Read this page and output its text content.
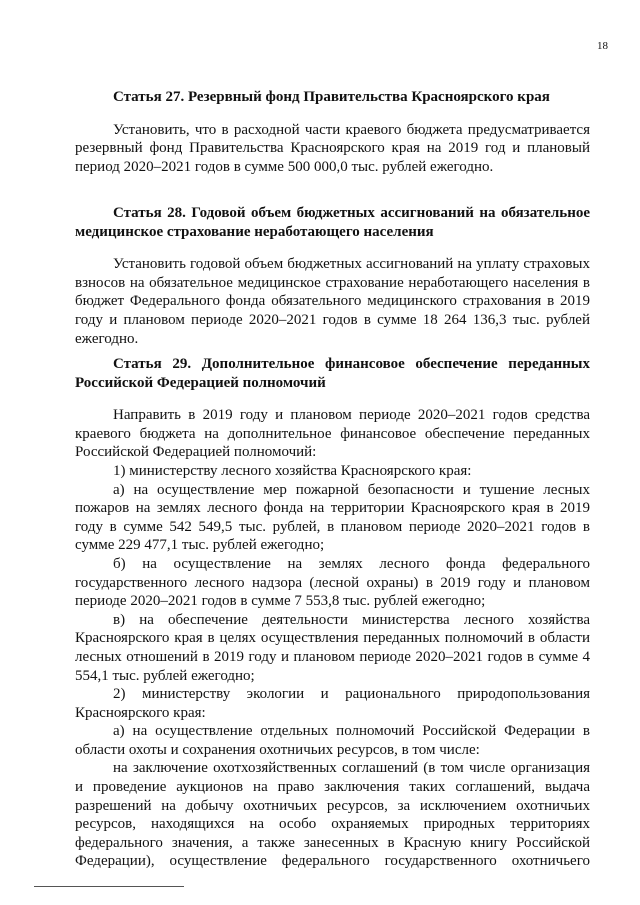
18

Статья 27. Резервный фонд Правительства Красноярского края

Установить, что в расходной части краевого бюджета предусматривается резервный фонд Правительства Красноярского края на 2019 год и плановый период 2020–2021 годов в сумме 500 000,0 тыс. рублей ежегодно.

Статья 28. Годовой объем бюджетных ассигнований на обязательное медицинское страхование неработающего населения

Установить годовой объем бюджетных ассигнований на уплату страховых взносов на обязательное медицинское страхование неработающего населения в бюджет Федерального фонда обязательного медицинского страхования в 2019 году и плановом периоде 2020–2021 годов в сумме 18 264 136,3 тыс. рублей ежегодно.

Статья 29. Дополнительное финансовое обеспечение переданных Российской Федерацией полномочий

Направить в 2019 году и плановом периоде 2020–2021 годов средства краевого бюджета на дополнительное финансовое обеспечение переданных Российской Федерацией полномочий:

1) министерству лесного хозяйства Красноярского края:

а) на осуществление мер пожарной безопасности и тушение лесных пожаров на землях лесного фонда на территории Красноярского края в 2019 году в сумме 542 549,5 тыс. рублей, в плановом периоде 2020–2021 годов в сумме 229 477,1 тыс. рублей ежегодно;

б) на осуществление на землях лесного фонда федерального государственного лесного надзора (лесной охраны) в 2019 году и плановом периоде 2020–2021 годов в сумме 7 553,8 тыс. рублей ежегодно;

в) на обеспечение деятельности министерства лесного хозяйства Красноярского края в целях осуществления переданных полномочий в области лесных отношений в 2019 году и плановом периоде 2020–2021 годов в сумме 4 554,1 тыс. рублей ежегодно;

2) министерству экологии и рационального природопользования Красноярского края:

а) на осуществление отдельных полномочий Российской Федерации в области охоты и сохранения охотничьих ресурсов, в том числе:

на заключение охотхозяйственных соглашений (в том числе организация и проведение аукционов на право заключения таких соглашений, выдача разрешений на добычу охотничьих ресурсов, за исключением охотничьих ресурсов, находящихся на особо охраняемых природных территориях федерального значения, а также занесенных в Красную книгу Российской Федерации), осуществление федерального государственного охотничьего
